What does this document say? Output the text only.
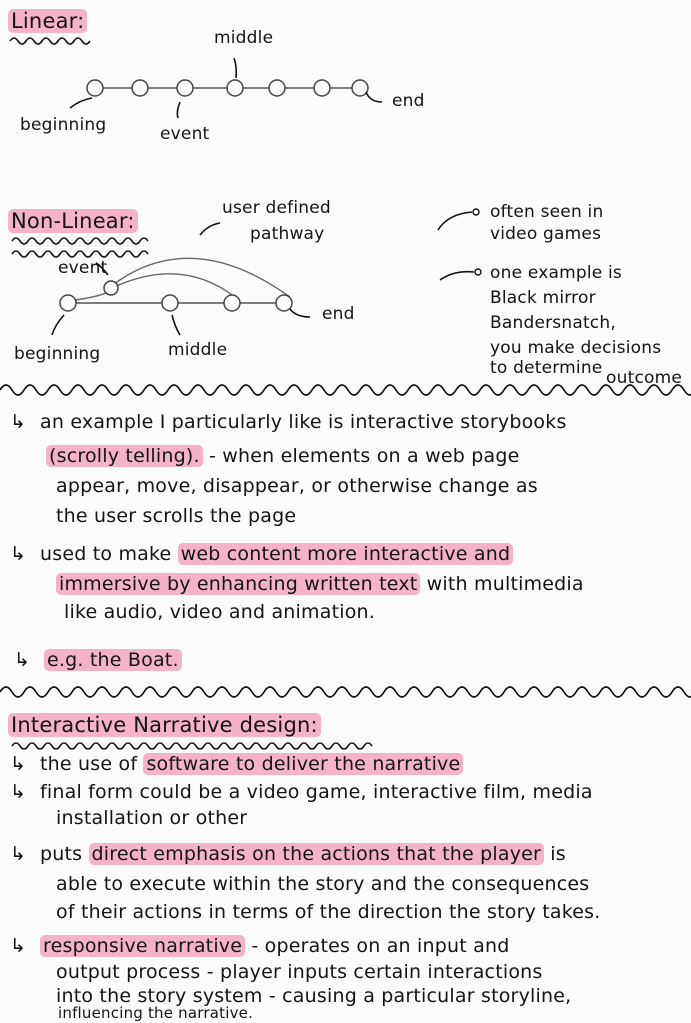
Linear:
middle
beginning	event
end
Non-Linear:
user defined
pathway
event
beginning	middle
end
often seen in
video games
one example is
Black mirror
Bandersnatch,
you make decisions
to determine outcome
↳ an example I particularly like is interactive storybooks
(scrolly telling). - when elements on a web page
appear, move, disappear, or otherwise change as
the user scrolls the page
↳ used to make web content more interactive and
immersive by enhancing written text with multimedia
like audio, video and animation.
↳ e.g. the Boat.
Interactive Narrative design:
↳ the use of software to deliver the narrative
↳ final form could be a video game, interactive film, media
installation or other
↳ puts direct emphasis on the actions that the player is
able to execute within the story and the consequences
of their actions in terms of the direction the story takes.
↳ responsive narrative - operates on an input and
output process - player inputs certain interactions
into the story system - causing a particular storyline,
influencing the narrative.
